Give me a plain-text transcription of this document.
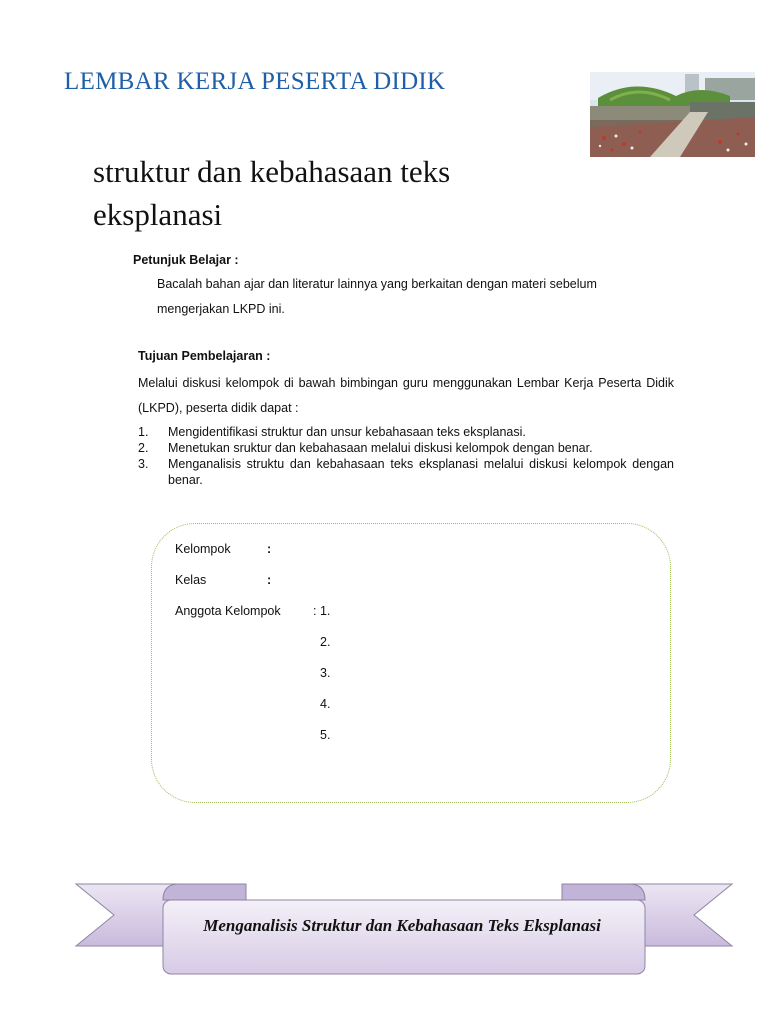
LEMBAR KERJA PESERTA DIDIK
struktur dan kebahasaan teks eksplanasi
Petunjuk Belajar :
Bacalah bahan ajar dan literatur lainnya yang berkaitan dengan materi sebelum
mengerjakan LKPD ini.
Tujuan Pembelajaran :
Melalui diskusi kelompok di bawah bimbingan guru menggunakan Lembar Kerja Peserta Didik (LKPD), peserta didik dapat :
1.	Mengidentifikasi struktur dan unsur kebahasaan teks eksplanasi.
2.	Menetukan sruktur dan kebahasaan melalui diskusi kelompok dengan benar.
3.	Menganalisis struktu dan kebahasaan teks eksplanasi melalui diskusi kelompok dengan benar.
Kelompok	:
Kelas	:
Anggota Kelompok	: 1.
2.
3.
4.
5.
Menganalisis Struktur dan Kebahasaan Teks Eksplanasi
